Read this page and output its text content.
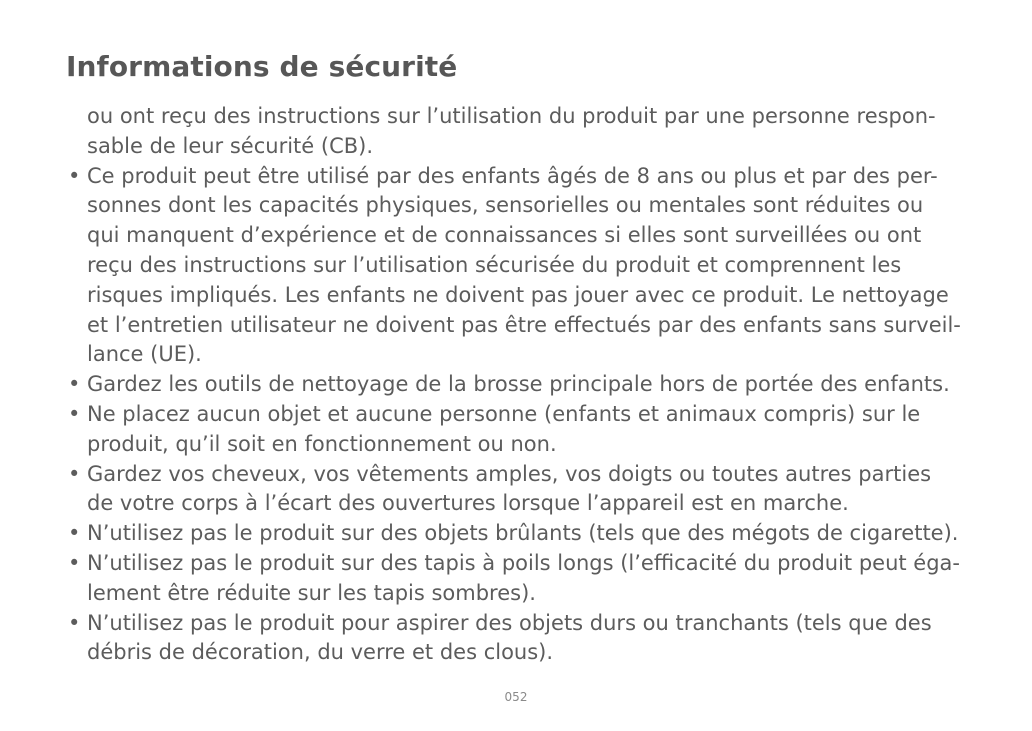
Informations de sécurité

ou ont reçu des instructions sur l’utilisation du produit par une personne respon-
sable de leur sécurité (CB).

• Ce produit peut être utilisé par des enfants âgés de 8 ans ou plus et par des per-
sonnes dont les capacités physiques, sensorielles ou mentales sont réduites ou
qui manquent d’expérience et de connaissances si elles sont surveillées ou ont
reçu des instructions sur l’utilisation sécurisée du produit et comprennent les
risques impliqués. Les enfants ne doivent pas jouer avec ce produit. Le nettoyage
et l’entretien utilisateur ne doivent pas être effectués par des enfants sans surveil-
lance (UE).
• Gardez les outils de nettoyage de la brosse principale hors de portée des enfants.
• Ne placez aucun objet et aucune personne (enfants et animaux compris) sur le
produit, qu’il soit en fonctionnement ou non.
• Gardez vos cheveux, vos vêtements amples, vos doigts ou toutes autres parties
de votre corps à l’écart des ouvertures lorsque l’appareil est en marche.
• N’utilisez pas le produit sur des objets brûlants (tels que des mégots de cigarette).
• N’utilisez pas le produit sur des tapis à poils longs (l’efficacité du produit peut éga-
lement être réduite sur les tapis sombres).
• N’utilisez pas le produit pour aspirer des objets durs ou tranchants (tels que des
débris de décoration, du verre et des clous).
052
